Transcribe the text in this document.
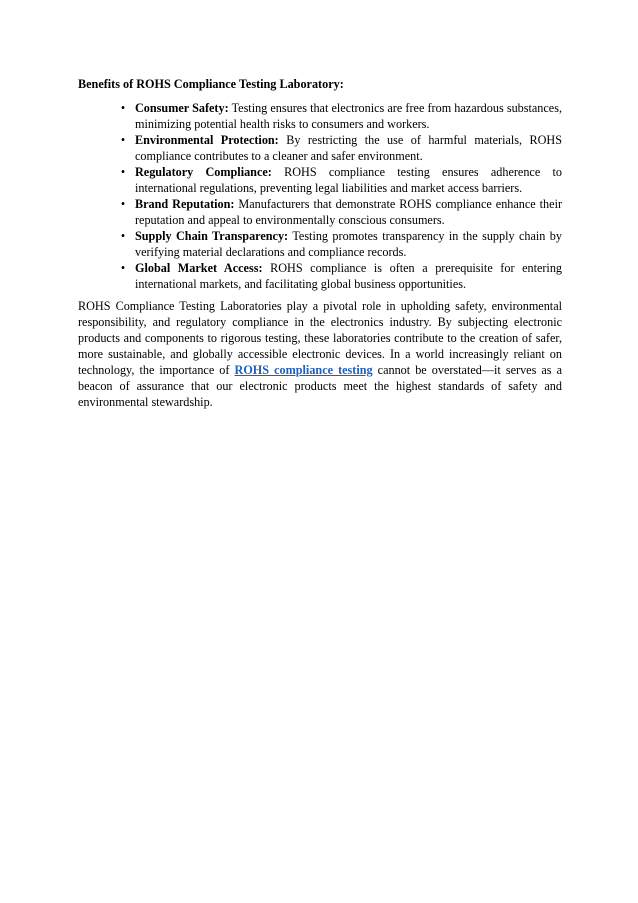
Benefits of ROHS Compliance Testing Laboratory:

• Consumer Safety: Testing ensures that electronics are free from hazardous substances, minimizing potential health risks to consumers and workers.
• Environmental Protection: By restricting the use of harmful materials, ROHS compliance contributes to a cleaner and safer environment.
• Regulatory Compliance: ROHS compliance testing ensures adherence to international regulations, preventing legal liabilities and market access barriers.
• Brand Reputation: Manufacturers that demonstrate ROHS compliance enhance their reputation and appeal to environmentally conscious consumers.
• Supply Chain Transparency: Testing promotes transparency in the supply chain by verifying material declarations and compliance records.
• Global Market Access: ROHS compliance is often a prerequisite for entering international markets, and facilitating global business opportunities.

ROHS Compliance Testing Laboratories play a pivotal role in upholding safety, environmental responsibility, and regulatory compliance in the electronics industry. By subjecting electronic products and components to rigorous testing, these laboratories contribute to the creation of safer, more sustainable, and globally accessible electronic devices. In a world increasingly reliant on technology, the importance of ROHS compliance testing cannot be overstated—it serves as a beacon of assurance that our electronic products meet the highest standards of safety and environmental stewardship.
